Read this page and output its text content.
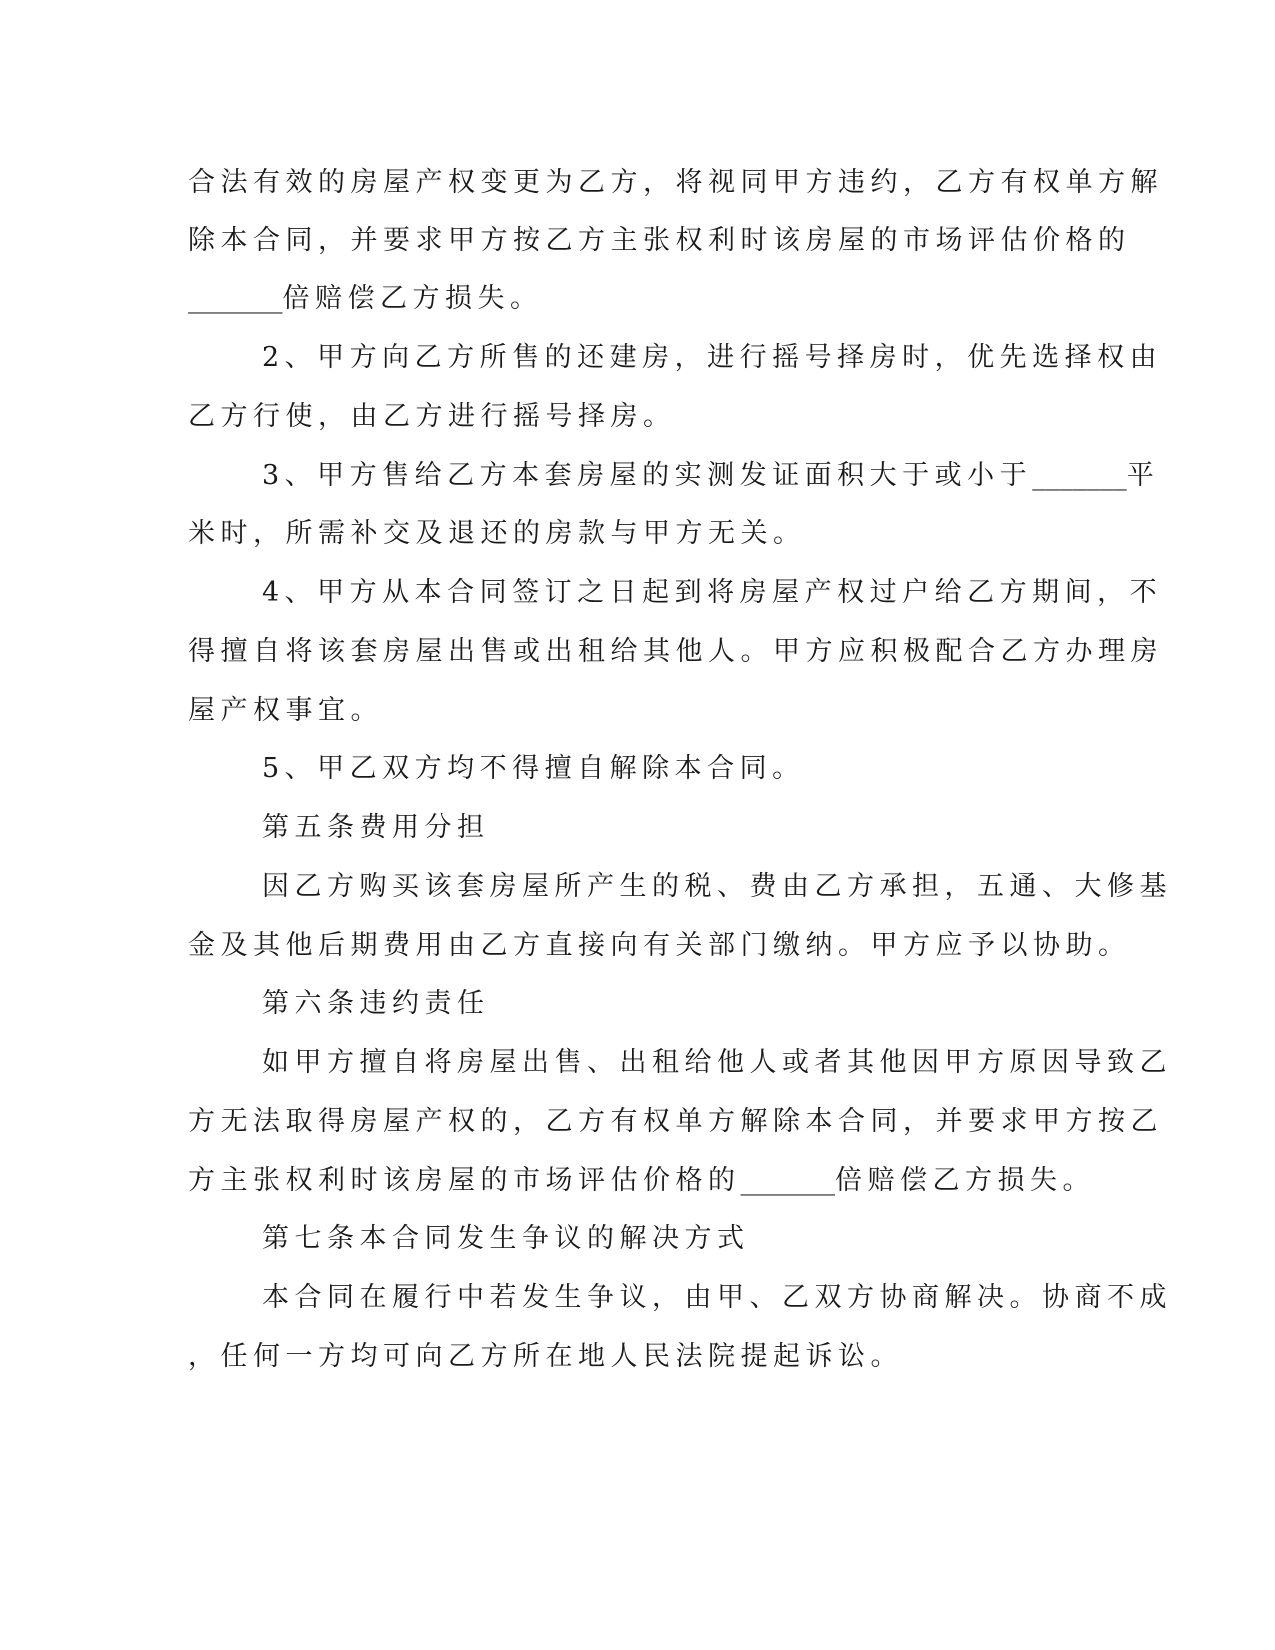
合法有效的房屋产权变更为乙方，将视同甲方违约，乙方有权单方解
除本合同，并要求甲方按乙方主张权利时该房屋的市场评估价格的
_______倍赔偿乙方损失。
2、甲方向乙方所售的还建房，进行摇号择房时，优先选择权由
乙方行使，由乙方进行摇号择房。
3、甲方售给乙方本套房屋的实测发证面积大于或小于_______平
米时，所需补交及退还的房款与甲方无关。
4、甲方从本合同签订之日起到将房屋产权过户给乙方期间，不
得擅自将该套房屋出售或出租给其他人。甲方应积极配合乙方办理房
屋产权事宜。
5、甲乙双方均不得擅自解除本合同。
第五条费用分担
因乙方购买该套房屋所产生的税、费由乙方承担，五通、大修基
金及其他后期费用由乙方直接向有关部门缴纳。甲方应予以协助。
第六条违约责任
如甲方擅自将房屋出售、出租给他人或者其他因甲方原因导致乙
方无法取得房屋产权的，乙方有权单方解除本合同，并要求甲方按乙
方主张权利时该房屋的市场评估价格的_______倍赔偿乙方损失。
第七条本合同发生争议的解决方式
本合同在履行中若发生争议，由甲、乙双方协商解决。协商不成
，任何一方均可向乙方所在地人民法院提起诉讼。
